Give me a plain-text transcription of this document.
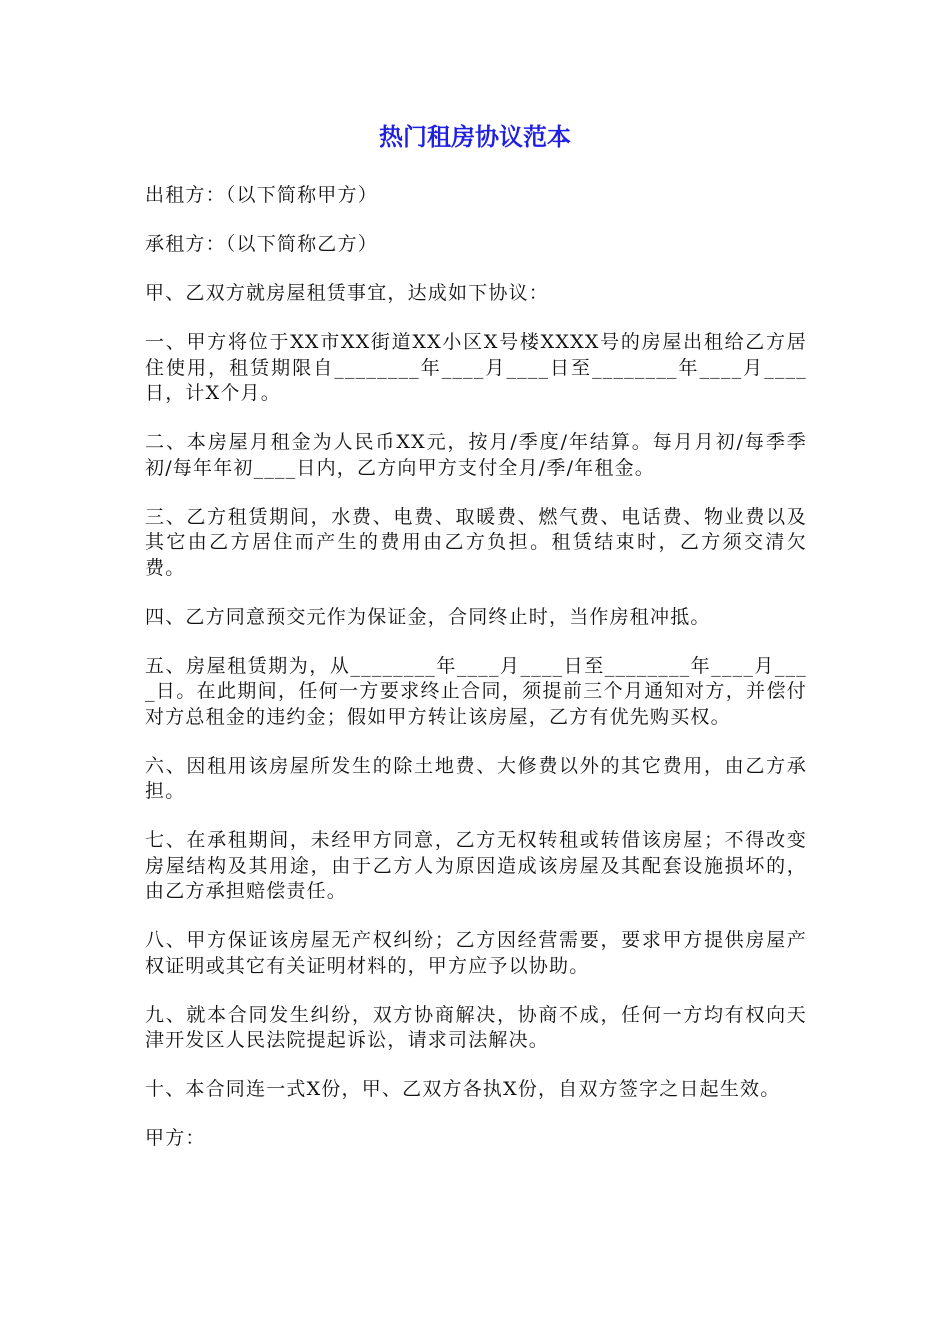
热门租房协议范本

出租方：（以下简称甲方）

承租方：（以下简称乙方）

甲、乙双方就房屋租赁事宜，达成如下协议：

一、甲方将位于XX市XX街道XX小区X号楼XXXX号的房屋出租给乙方居住使用，租赁期限自________年____月____日至________年____月____日，计X个月。

二、本房屋月租金为人民币XX元，按月/季度/年结算。每月月初/每季季初/每年年初____日内，乙方向甲方支付全月/季/年租金。

三、乙方租赁期间，水费、电费、取暖费、燃气费、电话费、物业费以及其它由乙方居住而产生的费用由乙方负担。租赁结束时，乙方须交清欠费。

四、乙方同意预交元作为保证金，合同终止时，当作房租冲抵。

五、房屋租赁期为，从________年____月____日至________年____月____日。在此期间，任何一方要求终止合同，须提前三个月通知对方，并偿付对方总租金的违约金；假如甲方转让该房屋，乙方有优先购买权。

六、因租用该房屋所发生的除土地费、大修费以外的其它费用，由乙方承担。

七、在承租期间，未经甲方同意，乙方无权转租或转借该房屋；不得改变房屋结构及其用途，由于乙方人为原因造成该房屋及其配套设施损坏的，由乙方承担赔偿责任。

八、甲方保证该房屋无产权纠纷；乙方因经营需要，要求甲方提供房屋产权证明或其它有关证明材料的，甲方应予以协助。

九、就本合同发生纠纷，双方协商解决，协商不成，任何一方均有权向天津开发区人民法院提起诉讼，请求司法解决。

十、本合同连一式X份，甲、乙双方各执X份，自双方签字之日起生效。

甲方：
